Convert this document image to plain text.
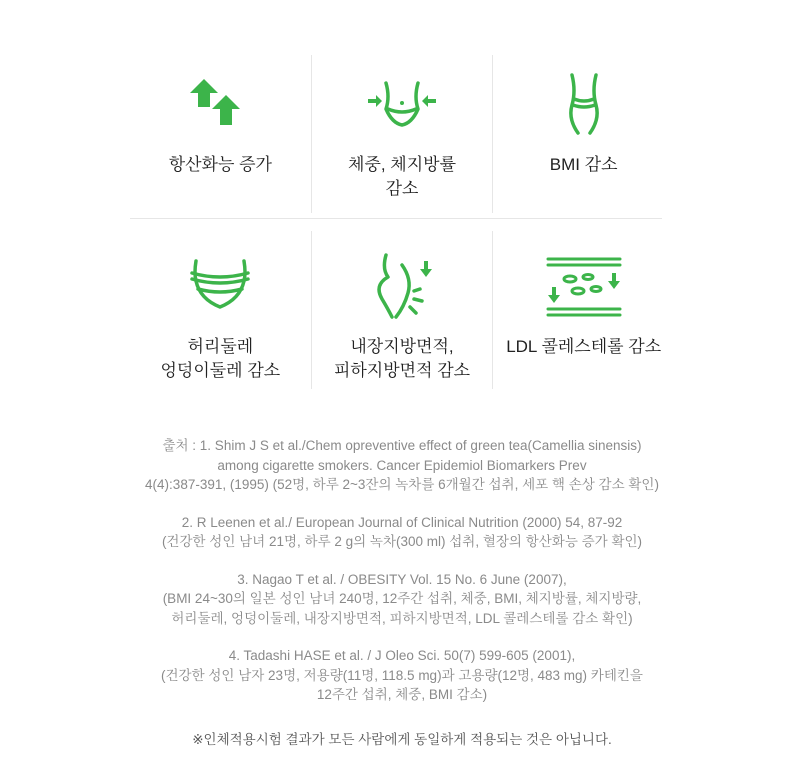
항산화능 증가	체중, 체지방률
감소
BMI 감소
허리둘레
엉덩이둘레 감소
내장지방면적,
피하지방면적 감소
LDL 콜레스테롤 감소
출처 : 1. Shim J S et al./Chem opreventive effect of green tea(Camellia sinensis)
among cigarette smokers. Cancer Epidemiol Biomarkers Prev
4(4):387-391, (1995) (52명, 하루 2~3잔의 녹차를 6개월간 섭취, 세포 핵 손상 감소 확인)
2. R Leenen et al./ European Journal of Clinical Nutrition (2000) 54, 87-92
(건강한 성인 남녀 21명, 하루 2 g의 녹차(300 ml) 섭취, 혈장의 항산화능 증가 확인)
3. Nagao T et al. / OBESITY Vol. 15 No. 6 June (2007),
(BMI 24~30의 일본 성인 남녀 240명, 12주간 섭취, 체중, BMI, 체지방률, 체지방량,
허리둘레, 엉덩이둘레, 내장지방면적, 피하지방면적, LDL 콜레스테롤 감소 확인)
4. Tadashi HASE et al. / J Oleo Sci. 50(7) 599-605 (2001),
(건강한 성인 남자 23명, 저용량(11명, 118.5 mg)과 고용량(12명, 483 mg) 카테킨을
12주간 섭취, 체중, BMI 감소)
※인체적용시험 결과가 모든 사람에게 동일하게 적용되는 것은 아닙니다.
